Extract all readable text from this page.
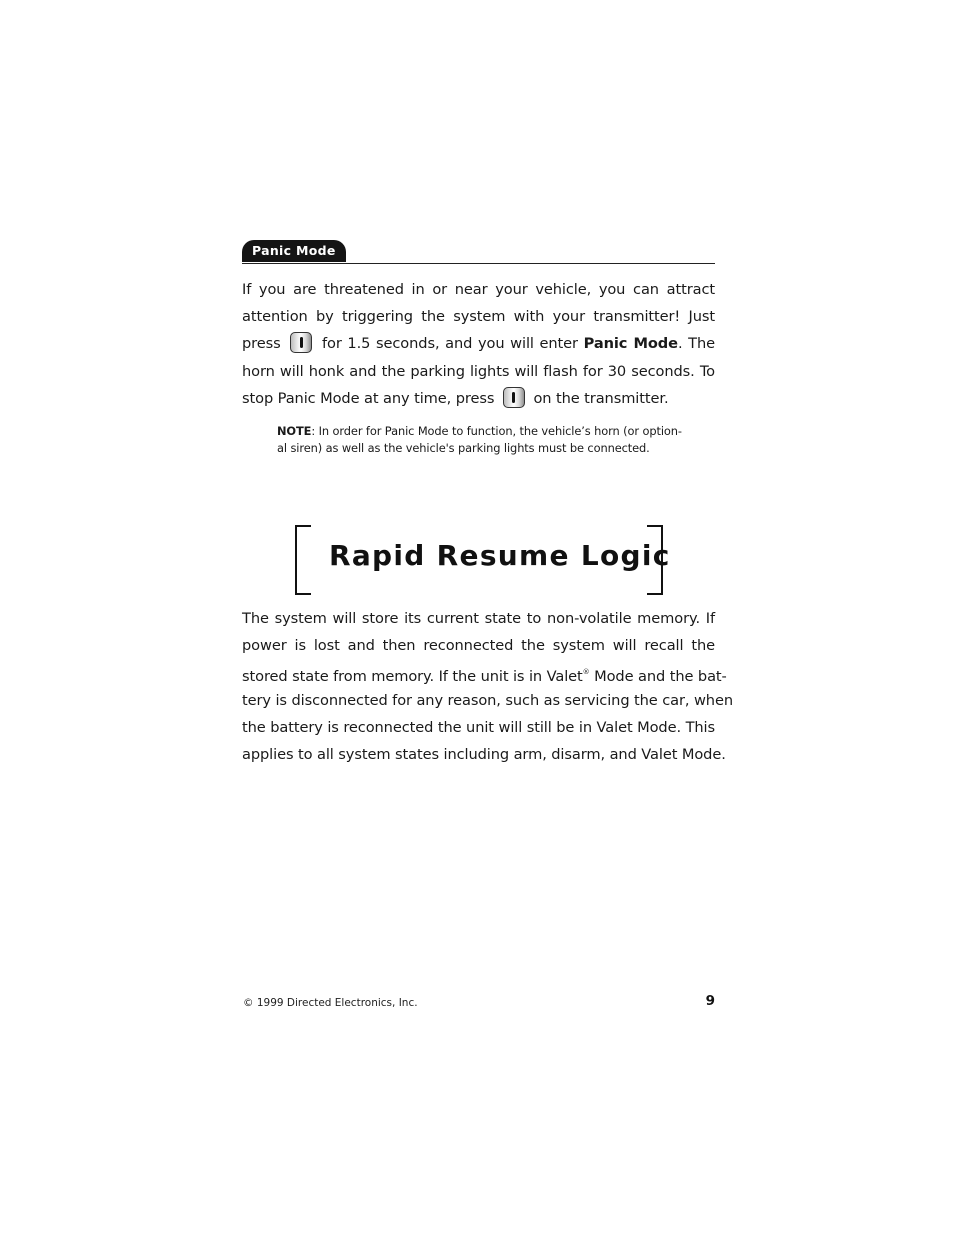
Panic Mode
If you are threatened in or near your vehicle, you can attract
attention by triggering the system with your transmitter! Just
press	for 1.5 seconds, and you will enter Panic Mode. The
horn will honk and the parking lights will flash for 30 seconds. To
stop Panic Mode at any time, press	on the transmitter.
NOTE: In order for Panic Mode to function, the vehicle’s horn (or option-
al siren) as well as the vehicle's parking lights must be connected.
Rapid Resume Logic
The system will store its current state to non-volatile memory. If
power is lost and then reconnected the system will recall the
stored state from memory. If the unit is in Valet® Mode and the bat-
tery is disconnected for any reason, such as servicing the car, when
the battery is reconnected the unit will still be in Valet Mode. This
applies to all system states including arm, disarm, and Valet Mode.
© 1999 Directed Electronics, Inc.	9
